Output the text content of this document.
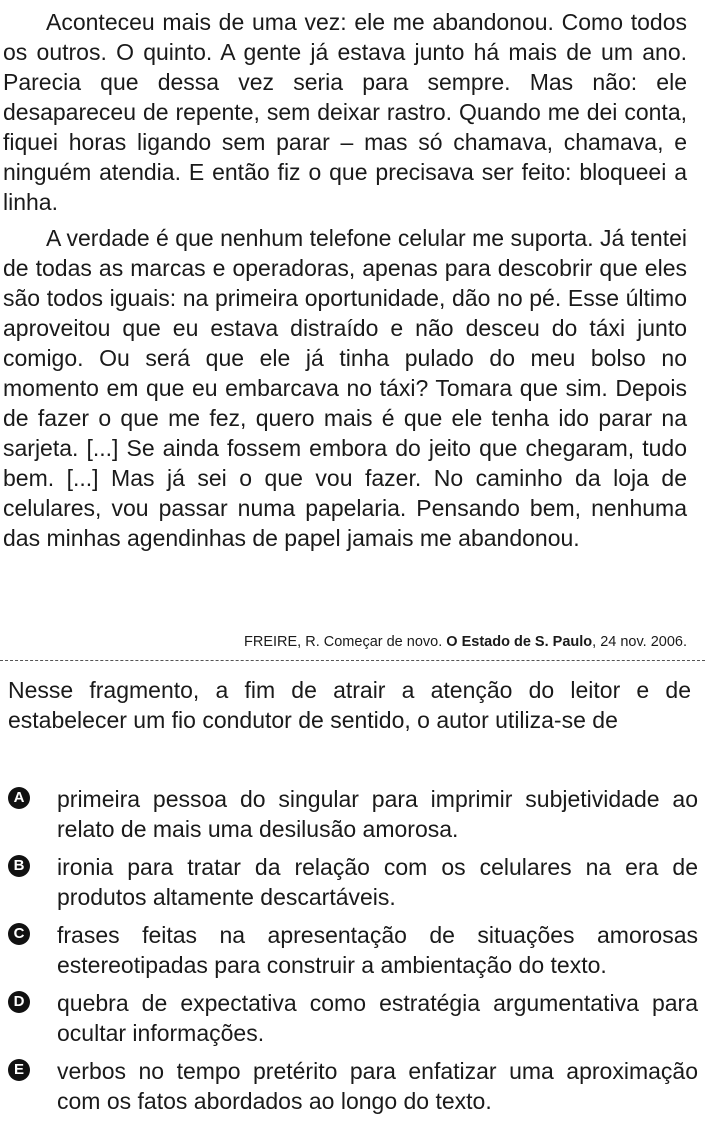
Aconteceu mais de uma vez: ele me abandonou. Como todos os outros. O quinto. A gente já estava junto há mais de um ano. Parecia que dessa vez seria para sempre. Mas não: ele desapareceu de repente, sem deixar rastro. Quando me dei conta, fiquei horas ligando sem parar – mas só chamava, chamava, e ninguém atendia. E então fiz o que precisava ser feito: bloqueei a linha.

A verdade é que nenhum telefone celular me suporta. Já tentei de todas as marcas e operadoras, apenas para descobrir que eles são todos iguais: na primeira oportunidade, dão no pé. Esse último aproveitou que eu estava distraído e não desceu do táxi junto comigo. Ou será que ele já tinha pulado do meu bolso no momento em que eu embarcava no táxi? Tomara que sim. Depois de fazer o que me fez, quero mais é que ele tenha ido parar na sarjeta. [...] Se ainda fossem embora do jeito que chegaram, tudo bem. [...] Mas já sei o que vou fazer. No caminho da loja de celulares, vou passar numa papelaria. Pensando bem, nenhuma das minhas agendinhas de papel jamais me abandonou.

FREIRE, R. Começar de novo. O Estado de S. Paulo, 24 nov. 2006.

Nesse fragmento, a fim de atrair a atenção do leitor e de estabelecer um fio condutor de sentido, o autor utiliza-se de

A primeira pessoa do singular para imprimir subjetividade ao relato de mais uma desilusão amorosa.
B ironia para tratar da relação com os celulares na era de produtos altamente descartáveis.
C frases feitas na apresentação de situações amorosas estereotipadas para construir a ambientação do texto.
D quebra de expectativa como estratégia argumentativa para ocultar informações.
E verbos no tempo pretérito para enfatizar uma aproximação com os fatos abordados ao longo do texto.
